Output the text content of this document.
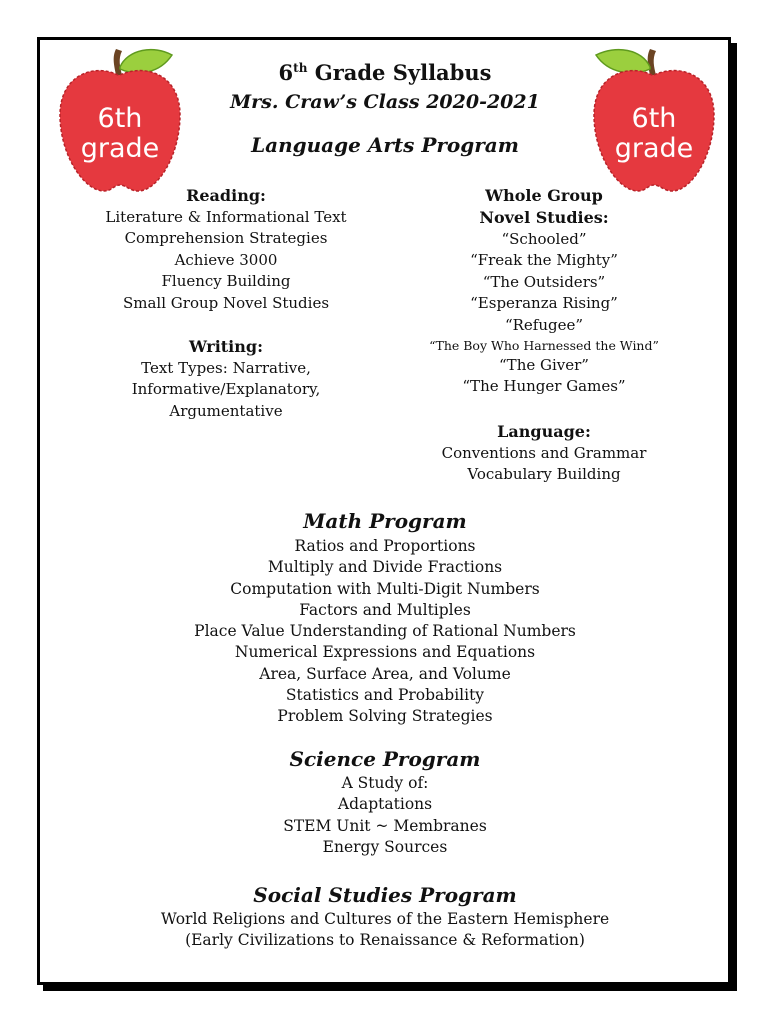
6th
grade
6th
grade
6th Grade Syllabus
Mrs. Craw’s Class 2020-2021
Language Arts Program
Reading:
Literature & Informational Text
Comprehension Strategies
Achieve 3000
Fluency Building
Small Group Novel Studies
Writing:
Text Types: Narrative,
Informative/Explanatory,
Argumentative
Whole Group
Novel Studies:
“Schooled”
“Freak the Mighty”
“The Outsiders”
“Esperanza Rising”
“Refugee”
“The Boy Who Harnessed the Wind”
“The Giver”
“The Hunger Games”
Language:
Conventions and Grammar
Vocabulary Building
Math Program
Ratios and Proportions
Multiply and Divide Fractions
Computation with Multi-Digit Numbers
Factors and Multiples
Place Value Understanding of Rational Numbers
Numerical Expressions and Equations
Area, Surface Area, and Volume
Statistics and Probability
Problem Solving Strategies
Science Program
A Study of:
Adaptations
STEM Unit ~ Membranes
Energy Sources
Social Studies Program
World Religions and Cultures of the Eastern Hemisphere
(Early Civilizations to Renaissance & Reformation)
